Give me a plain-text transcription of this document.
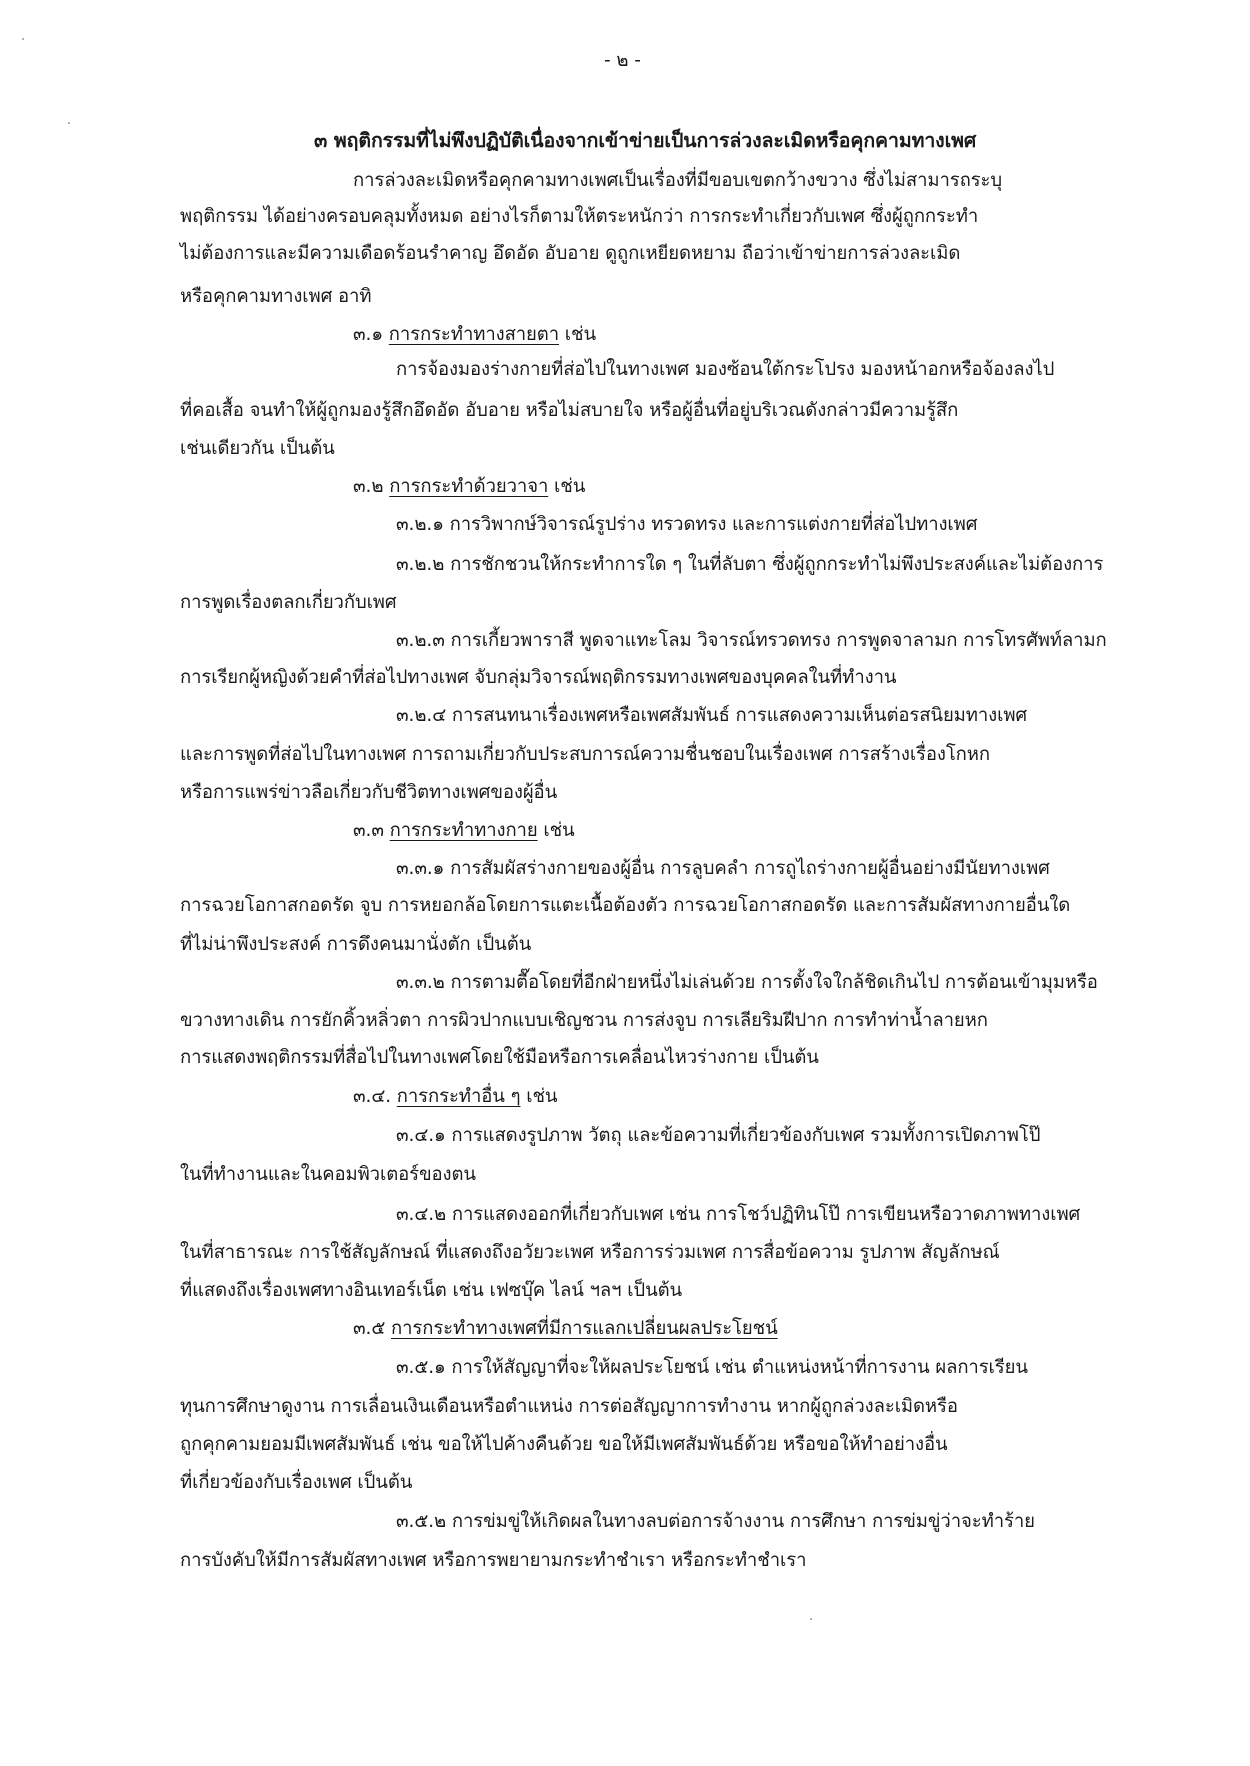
- ๒ -
๓ พฤติกรรมที่ไม่พึงปฏิบัติเนื่องจากเข้าข่ายเป็นการล่วงละเมิดหรือคุกคามทางเพศ
การล่วงละเมิดหรือคุกคามทางเพศเป็นเรื่องที่มีขอบเขตกว้างขวาง ซึ่งไม่สามารถระบุ
พฤติกรรม ได้อย่างครอบคลุมทั้งหมด อย่างไรก็ตามให้ตระหนักว่า การกระทำเกี่ยวกับเพศ ซึ่งผู้ถูกกระทำ
ไม่ต้องการและมีความเดือดร้อนรำคาญ อึดอัด อับอาย ดูถูกเหยียดหยาม ถือว่าเข้าข่ายการล่วงละเมิด
หรือคุกคามทางเพศ อาทิ
๓.๑ การกระทำทางสายตา เช่น
การจ้องมองร่างกายที่ส่อไปในทางเพศ มองซ้อนใต้กระโปรง มองหน้าอกหรือจ้องลงไป
ที่คอเสื้อ จนทำให้ผู้ถูกมองรู้สึกอึดอัด อับอาย หรือไม่สบายใจ หรือผู้อื่นที่อยู่บริเวณดังกล่าวมีความรู้สึก
เช่นเดียวกัน เป็นต้น
๓.๒ การกระทำด้วยวาจา เช่น
๓.๒.๑ การวิพากษ์วิจารณ์รูปร่าง ทรวดทรง และการแต่งกายที่ส่อไปทางเพศ
๓.๒.๒ การชักชวนให้กระทำการใด ๆ ในที่ลับตา ซึ่งผู้ถูกกระทำไม่พึงประสงค์และไม่ต้องการ
การพูดเรื่องตลกเกี่ยวกับเพศ
๓.๒.๓ การเกี้ยวพาราสี พูดจาแทะโลม วิจารณ์ทรวดทรง การพูดจาลามก การโทรศัพท์ลามก
การเรียกผู้หญิงด้วยคำที่ส่อไปทางเพศ จับกลุ่มวิจารณ์พฤติกรรมทางเพศของบุคคลในที่ทำงาน
๓.๒.๔ การสนทนาเรื่องเพศหรือเพศสัมพันธ์ การแสดงความเห็นต่อรสนิยมทางเพศ
และการพูดที่ส่อไปในทางเพศ การถามเกี่ยวกับประสบการณ์ความชื่นชอบในเรื่องเพศ การสร้างเรื่องโกหก
หรือการแพร่ข่าวลือเกี่ยวกับชีวิตทางเพศของผู้อื่น
๓.๓ การกระทำทางกาย เช่น
๓.๓.๑ การสัมผัสร่างกายของผู้อื่น การลูบคลำ การถูไถร่างกายผู้อื่นอย่างมีนัยทางเพศ
การฉวยโอกาสกอดรัด จูบ การหยอกล้อโดยการแตะเนื้อต้องตัว การฉวยโอกาสกอดรัด และการสัมผัสทางกายอื่นใด
ที่ไม่น่าพึงประสงค์ การดึงคนมานั่งตัก เป็นต้น
๓.๓.๒ การตามตื๊อโดยที่อีกฝ่ายหนึ่งไม่เล่นด้วย การตั้งใจใกล้ชิดเกินไป การต้อนเข้ามุมหรือ
ขวางทางเดิน การยักคิ้วหลิ่วตา การผิวปากแบบเชิญชวน การส่งจูบ การเลียริมฝีปาก การทำท่าน้ำลายหก
การแสดงพฤติกรรมที่สื่อไปในทางเพศโดยใช้มือหรือการเคลื่อนไหวร่างกาย เป็นต้น
๓.๔. การกระทำอื่น ๆ เช่น
๓.๔.๑ การแสดงรูปภาพ วัตถุ และข้อความที่เกี่ยวข้องกับเพศ รวมทั้งการเปิดภาพโป๊
ในที่ทำงานและในคอมพิวเตอร์ของตน
๓.๔.๒ การแสดงออกที่เกี่ยวกับเพศ เช่น การโชว์ปฏิทินโป๊ การเขียนหรือวาดภาพทางเพศ
ในที่สาธารณะ การใช้สัญลักษณ์ ที่แสดงถึงอวัยวะเพศ หรือการร่วมเพศ การสื่อข้อความ รูปภาพ สัญลักษณ์
ที่แสดงถึงเรื่องเพศทางอินเทอร์เน็ต เช่น เฟซบุ๊ค ไลน์ ฯลฯ เป็นต้น
๓.๕ การกระทำทางเพศที่มีการแลกเปลี่ยนผลประโยชน์
๓.๕.๑ การให้สัญญาที่จะให้ผลประโยชน์ เช่น ตำแหน่งหน้าที่การงาน ผลการเรียน
ทุนการศึกษาดูงาน การเลื่อนเงินเดือนหรือตำแหน่ง การต่อสัญญาการทำงาน หากผู้ถูกล่วงละเมิดหรือ
ถูกคุกคามยอมมีเพศสัมพันธ์ เช่น ขอให้ไปค้างคืนด้วย ขอให้มีเพศสัมพันธ์ด้วย หรือขอให้ทำอย่างอื่น
ที่เกี่ยวข้องกับเรื่องเพศ เป็นต้น
๓.๕.๒ การข่มขู่ให้เกิดผลในทางลบต่อการจ้างงาน การศึกษา การข่มขู่ว่าจะทำร้าย
การบังคับให้มีการสัมผัสทางเพศ หรือการพยายามกระทำชำเรา หรือกระทำชำเรา
